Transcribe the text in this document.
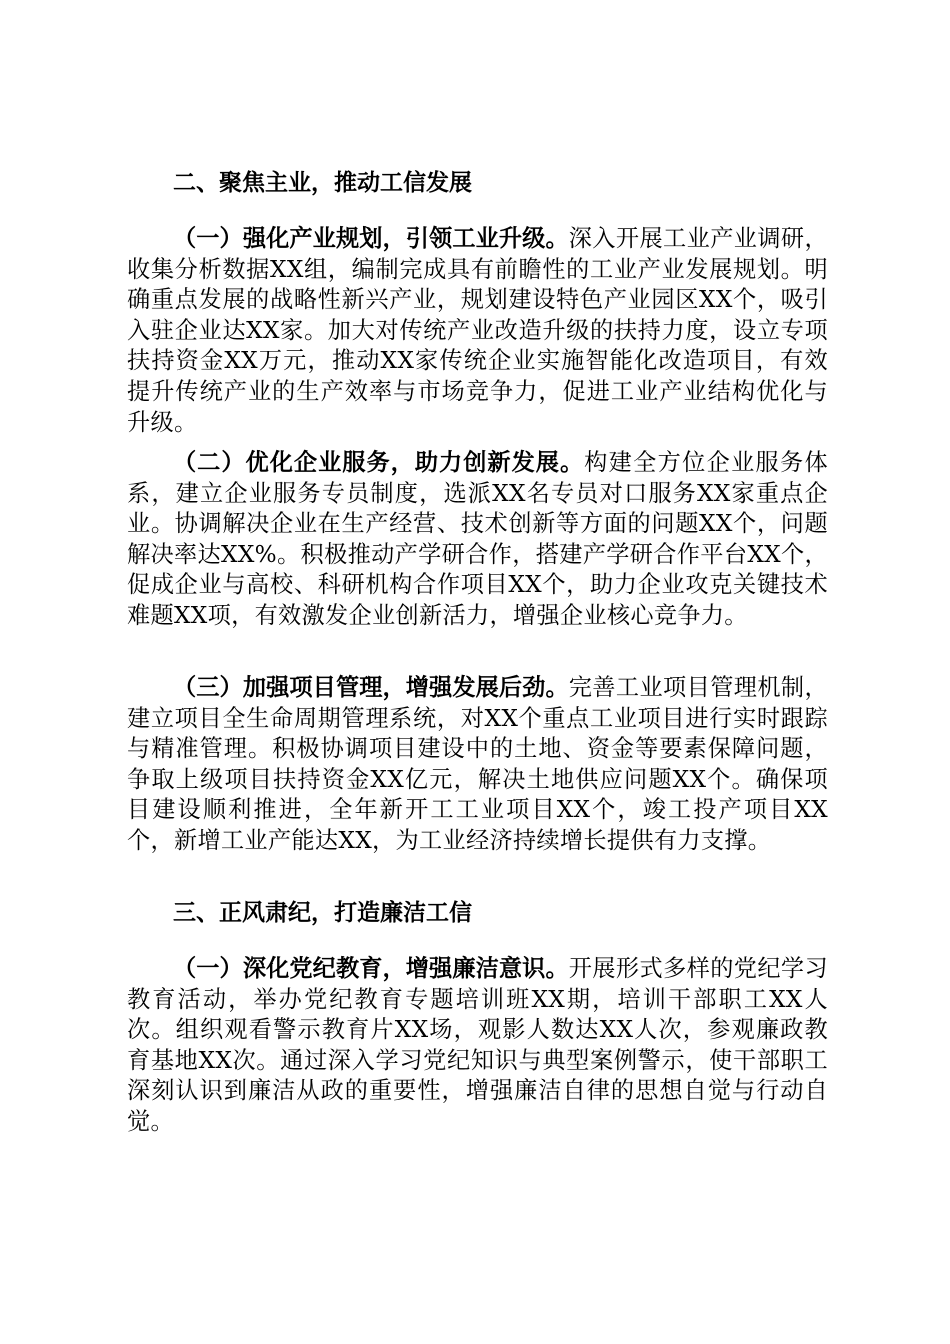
二、聚焦主业，推动工信发展

（一）强化产业规划，引领工业升级。深入开展工业产业调研，收集分析数据XX组，编制完成具有前瞻性的工业产业发展规划。明确重点发展的战略性新兴产业，规划建设特色产业园区XX个，吸引入驻企业达XX家。加大对传统产业改造升级的扶持力度，设立专项扶持资金XX万元，推动XX家传统企业实施智能化改造项目，有效提升传统产业的生产效率与市场竞争力，促进工业产业结构优化与升级。

（二）优化企业服务，助力创新发展。构建全方位企业服务体系，建立企业服务专员制度，选派XX名专员对口服务XX家重点企业。协调解决企业在生产经营、技术创新等方面的问题XX个，问题解决率达XX%。积极推动产学研合作，搭建产学研合作平台XX个，促成企业与高校、科研机构合作项目XX个，助力企业攻克关键技术难题XX项，有效激发企业创新活力，增强企业核心竞争力。

（三）加强项目管理，增强发展后劲。完善工业项目管理机制，建立项目全生命周期管理系统，对XX个重点工业项目进行实时跟踪与精准管理。积极协调项目建设中的土地、资金等要素保障问题，争取上级项目扶持资金XX亿元，解决土地供应问题XX个。确保项目建设顺利推进，全年新开工工业项目XX个，竣工投产项目XX个，新增工业产能达XX，为工业经济持续增长提供有力支撑。

三、正风肃纪，打造廉洁工信

（一）深化党纪教育，增强廉洁意识。开展形式多样的党纪学习教育活动，举办党纪教育专题培训班XX期，培训干部职工XX人次。组织观看警示教育片XX场，观影人数达XX人次，参观廉政教育基地XX次。通过深入学习党纪知识与典型案例警示，使干部职工深刻认识到廉洁从政的重要性，增强廉洁自律的思想自觉与行动自觉。
